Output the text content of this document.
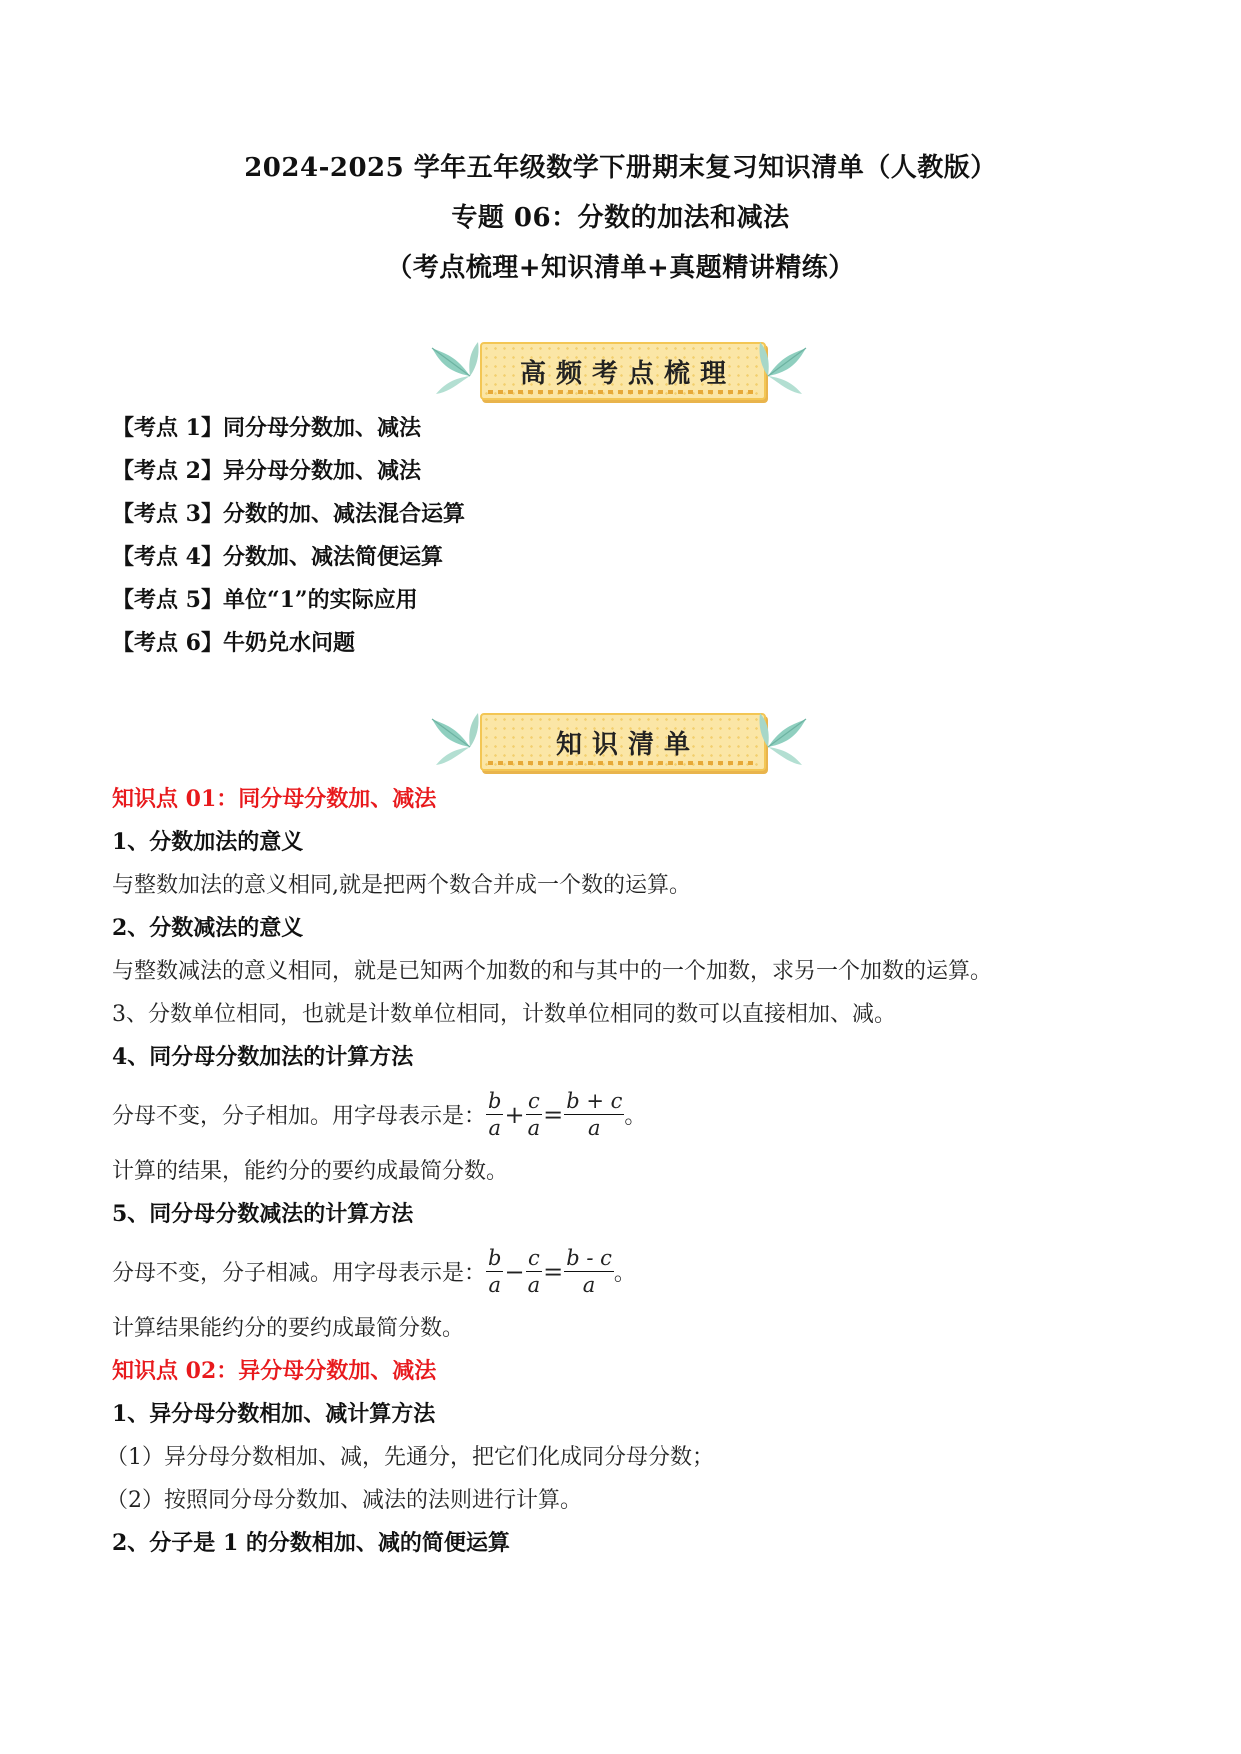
2024-2025 学年五年级数学下册期末复习知识清单（人教版）
专题 06：分数的加法和减法
（考点梳理+知识清单+真题精讲精练）
高频考点梳理
【考点 1】同分母分数加、减法
【考点 2】异分母分数加、减法
【考点 3】分数的加、减法混合运算
【考点 4】分数加、减法简便运算
【考点 5】单位“1”的实际应用
【考点 6】牛奶兑水问题
知识清单
知识点 01：同分母分数加、减法
1、分数加法的意义
与整数加法的意义相同,就是把两个数合并成一个数的运算。
2、分数减法的意义
与整数减法的意义相同，就是已知两个加数的和与其中的一个加数，求另一个加数的运算。
3、分数单位相同，也就是计数单位相同，计数单位相同的数可以直接相加、减。
4、同分母分数加法的计算方法
分母不变，分子相加。用字母表示是： $\frac{b}{a} + \frac{c}{a} = \frac{b + c}{a}$ 。
计算的结果，能约分的要约成最简分数。
5、同分母分数减法的计算方法
分母不变，分子相减。用字母表示是： $\frac{b}{a} - \frac{c}{a} = \frac{b - c}{a}$ 。
计算结果能约分的要约成最简分数。
知识点 02：异分母分数加、减法
1、异分母分数相加、减计算方法
（1）异分母分数相加、减，先通分，把它们化成同分母分数；
（2）按照同分母分数加、减法的法则进行计算。
2、分子是 1 的分数相加、减的简便运算
